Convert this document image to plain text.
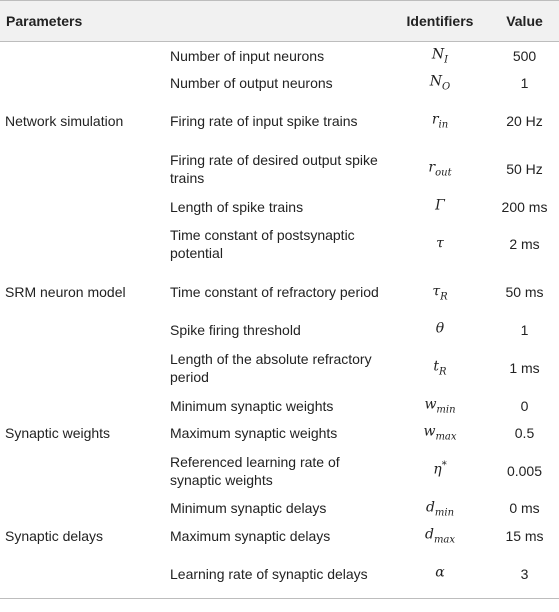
Parameters		Identifiers	Value
	Number of input neurons	$N_I$	500
	Number of output neurons	$N_O$	1
Network simulation	Firing rate of input spike trains	$r_{in}$	20 Hz
	Firing rate of desired output spike trains	$r_{out}$	50 Hz
	Length of spike trains	Γ	200 ms
	Time constant of postsynaptic potential	τ	2 ms
SRM neuron model	Time constant of refractory period	$\tau_R$	50 ms
	Spike firing threshold	θ	1
	Length of the absolute refractory period	$t_R$	1 ms
	Minimum synaptic weights	$w_{min}$	0
Synaptic weights	Maximum synaptic weights	$w_{max}$	0.5
	Referenced learning rate of synaptic weights	η*	0.005
	Minimum synaptic delays	$d_{min}$	0 ms
Synaptic delays	Maximum synaptic delays	$d_{max}$	15 ms
	Learning rate of synaptic delays	α	3
